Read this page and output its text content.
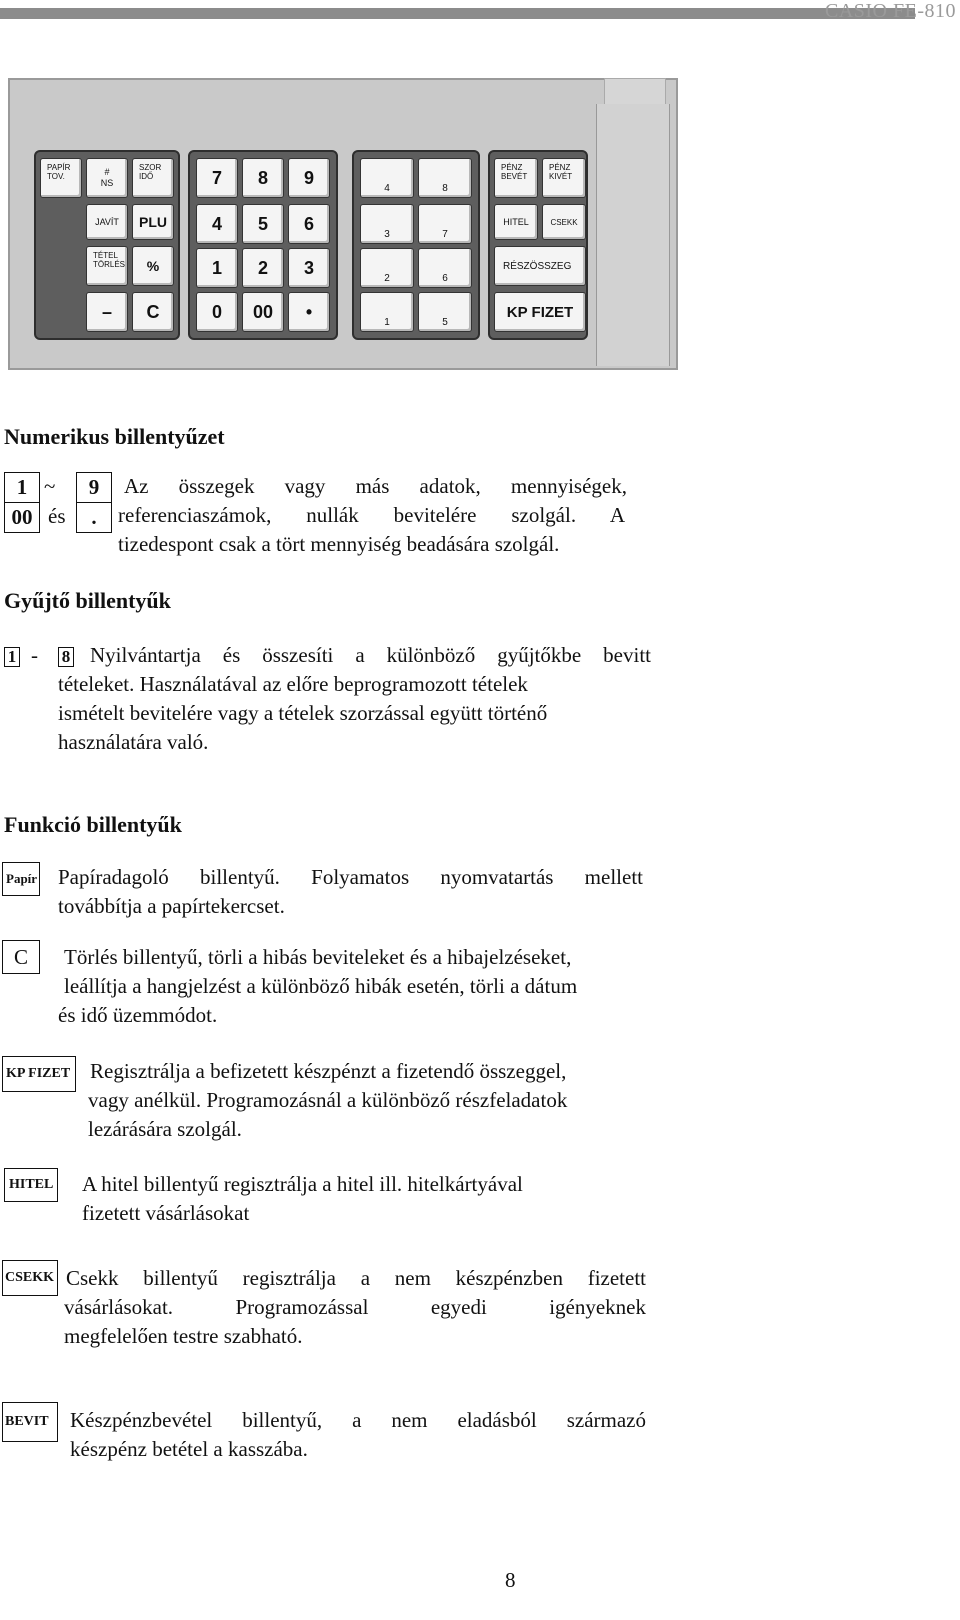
CASIO FE-810
PAPÍR
TOV.	#
NS
SZOR
IDŐ
JAVÍT	PLU
TÉTEL
TÖRLÉS	%
–	C
7	8	9
4	5	6
1	2	3
0	00	•
4	8
3	7
2	6
1	5
PÉNZ
BEVÉT
PÉNZ
KIVÉT
HITEL	CSEKK
RÉSZÖSSZEG
KP FIZET
Numerikus billentyűzet
1 ~	9
00 és	.
Az összegek vagy más adatok, mennyiségek,
referenciaszámok, nullák bevitelére szolgál. A
tizedespont csak a tört mennyiség beadására szolgál.
Gyűjtő billentyűk
1 - 8 Nyilvántartja és összesíti a különböző gyűjtőkbe bevitt
tételeket. Használatával az előre beprogramozott tételek
ismételt bevitelére vagy a tételek szorzással együtt történő
használatára való.
Funkció billentyűk
Papír Papíradagoló billentyű. Folyamatos nyomvatartás mellett
továbbítja a papírtekercset.
C	Törlés billentyű, törli a hibás beviteleket és a hibajelzéseket,
leállítja a hangjelzést a különböző hibák esetén, törli a dátum
és idő üzemmódot.
KP FIZET Regisztrálja a befizetett készpénzt a fizetendő összeggel,
vagy anélkül. Programozásnál a különböző részfeladatok
lezárására szolgál.
HITEL A hitel billentyű regisztrálja a hitel ill. hitelkártyával
fizetett vásárlásokat
CSEKK Csekk billentyű regisztrálja a nem készpénzben fizetett
vásárlásokat. Programozással egyedi igényeknek
megfelelően testre szabható.
BEVIT	Készpénzbevétel billentyű, a nem eladásból származó
készpénz betétel a kasszába.
8
